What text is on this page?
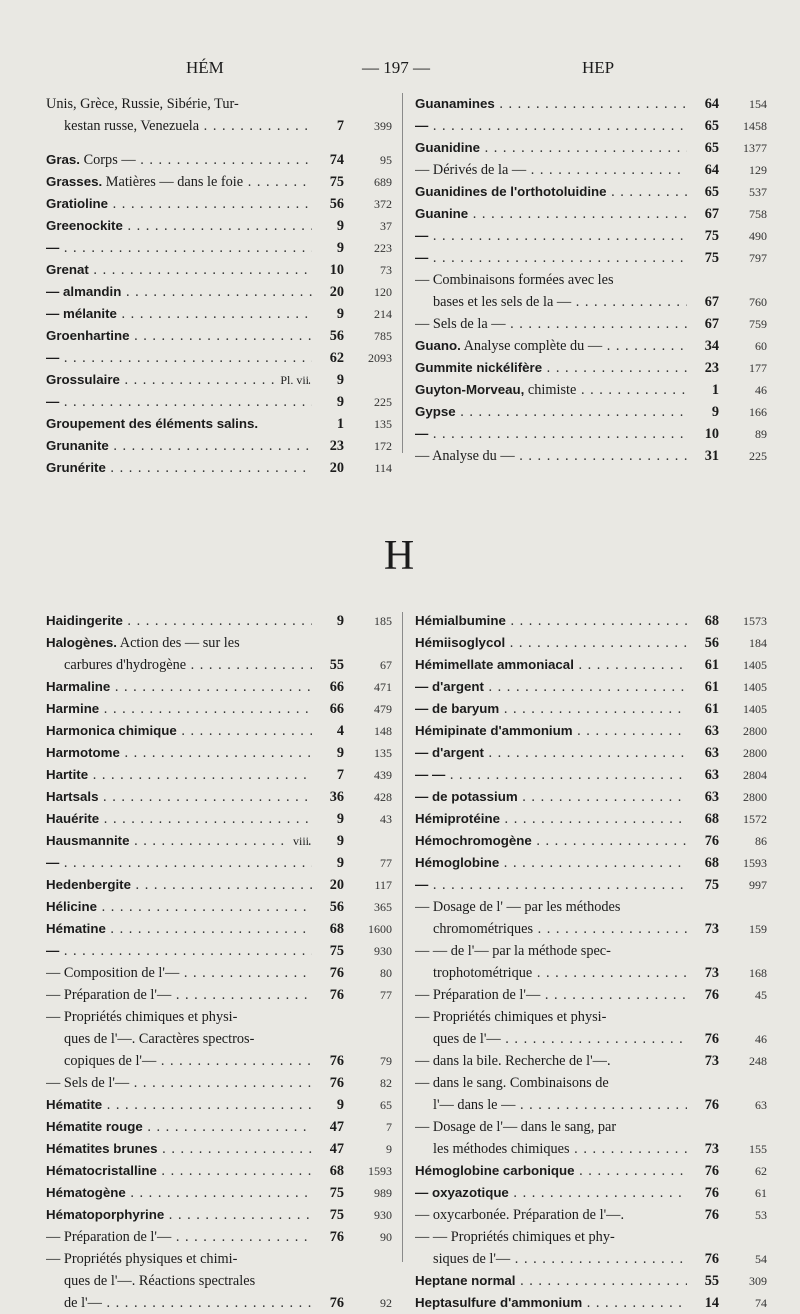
HÉM	— 197 —	HEP
Unis, Grèce, Russie, Sibérie, Tur-
kestan russe, Venezuela . . .	7	399
Gras. Corps — . . .	74	95
Grasses. Matières — dans le foie . . .	75	689
Gratioline . . .	56	372
Greenockite . . .	9	37
— . . .	9	223
Grenat . . .	10	73
— almandin . . .	20	120
— mélanite . . .	9	214
Groenhartine . . .	56	785
— . . .	62	2093
Grossulaire . . .	Pl. vii	9
— . . .	9	225
Groupement des éléments salins.	1	135
Grunanite . . .	23	172
Grunérite . . .	20	114
Guanamines . . .	64	154
— . . .	65	1458
Guanidine . . .	65	1377
— Dérivés de la — . . .	64	129
Guanidines de l'orthotoluidine . . .	65	537
Guanine . . .	67	758
— . . .	75	490
— . . .	75	797
— Combinaisons formées avec les
bases et les sels de la — . . .	67	760
— Sels de la — . . .	67	759
Guano. Analyse complète du — . . .	34	60
Gummite nickélifère . . .	23	177
Guyton-Morveau, chimiste . . .	1	46
Gypse . . .	9	166
— . . .	10	89
— Analyse du — . . .	31	225
H
Haidingerite . . .	9	185
Halogènes. Action des — sur les
carbures d'hydrogène . . .	55	67
Harmaline . . .	66	471
Harmine . . .	66	479
Harmonica chimique . . .	4	148
Harmotome . . .	9	135
Hartite . . .	7	439
Hartsals . . .	36	428
Hauérite . . .	9	43
Hausmannite . . .	viii	9
— . . .	9	77
Hedenbergite . . .	20	117
Hélicine . . .	56	365
Hématine . . .	68	1600
— . . .	75	930
— Composition de l'— . . .	76	80
— Préparation de l'— . . .	76	77
— Propriétés chimiques et physi-
ques de l'—. Caractères spectros-
copiques de l'— . . .	76	79
— Sels de l'— . . .	76	82
Hématite . . .	9	65
Hématite rouge . . .	47	7
Hématites brunes . . .	47	9
Hématocristalline . . .	68	1593
Hématogène . . .	75	989
Hématoporphyrine . . .	75	930
— Préparation de l'— . . .	76	90
— Propriétés physiques et chimi-
ques de l'—. Réactions spectrales
de l'— . . .	76	92
Hémialbumine . . .	68	1573
Hémiisoglycol . . .	56	184
Hémimellate ammoniacal . . .	61	1405
— d'argent . . .	61	1405
— de baryum . . .	61	1405
Hémipinate d'ammonium . . .	63	2800
— d'argent . . .	63	2800
— — . . .	63	2804
— de potassium . . .	63	2800
Hémiprotéine . . .	68	1572
Hémochromogène . . .	76	86
Hémoglobine . . .	68	1593
— . . .	75	997
— Dosage de l' — par les méthodes
chromométriques . . .	73	159
— — de l'— par la méthode spec-
trophotométrique . . .	73	168
— Préparation de l'— . . .	76	45
— Propriétés chimiques et physi-
ques de l'— . . .	76	46
— dans la bile. Recherche de l'—.	73	248
— dans le sang. Combinaisons de
l'— dans le — . . .	76	63
— Dosage de l'— dans le sang, par
les méthodes chimiques . . .	73	155
Hémoglobine carbonique . . .	76	62
— oxyazotique . . .	76	61
— oxycarbonée. Préparation de l'—.	76	53
— — Propriétés chimiques et phy-
siques de l'— . . .	76	54
Heptane normal . . .	55	309
Heptasulfure d'ammonium . . .	14	74
